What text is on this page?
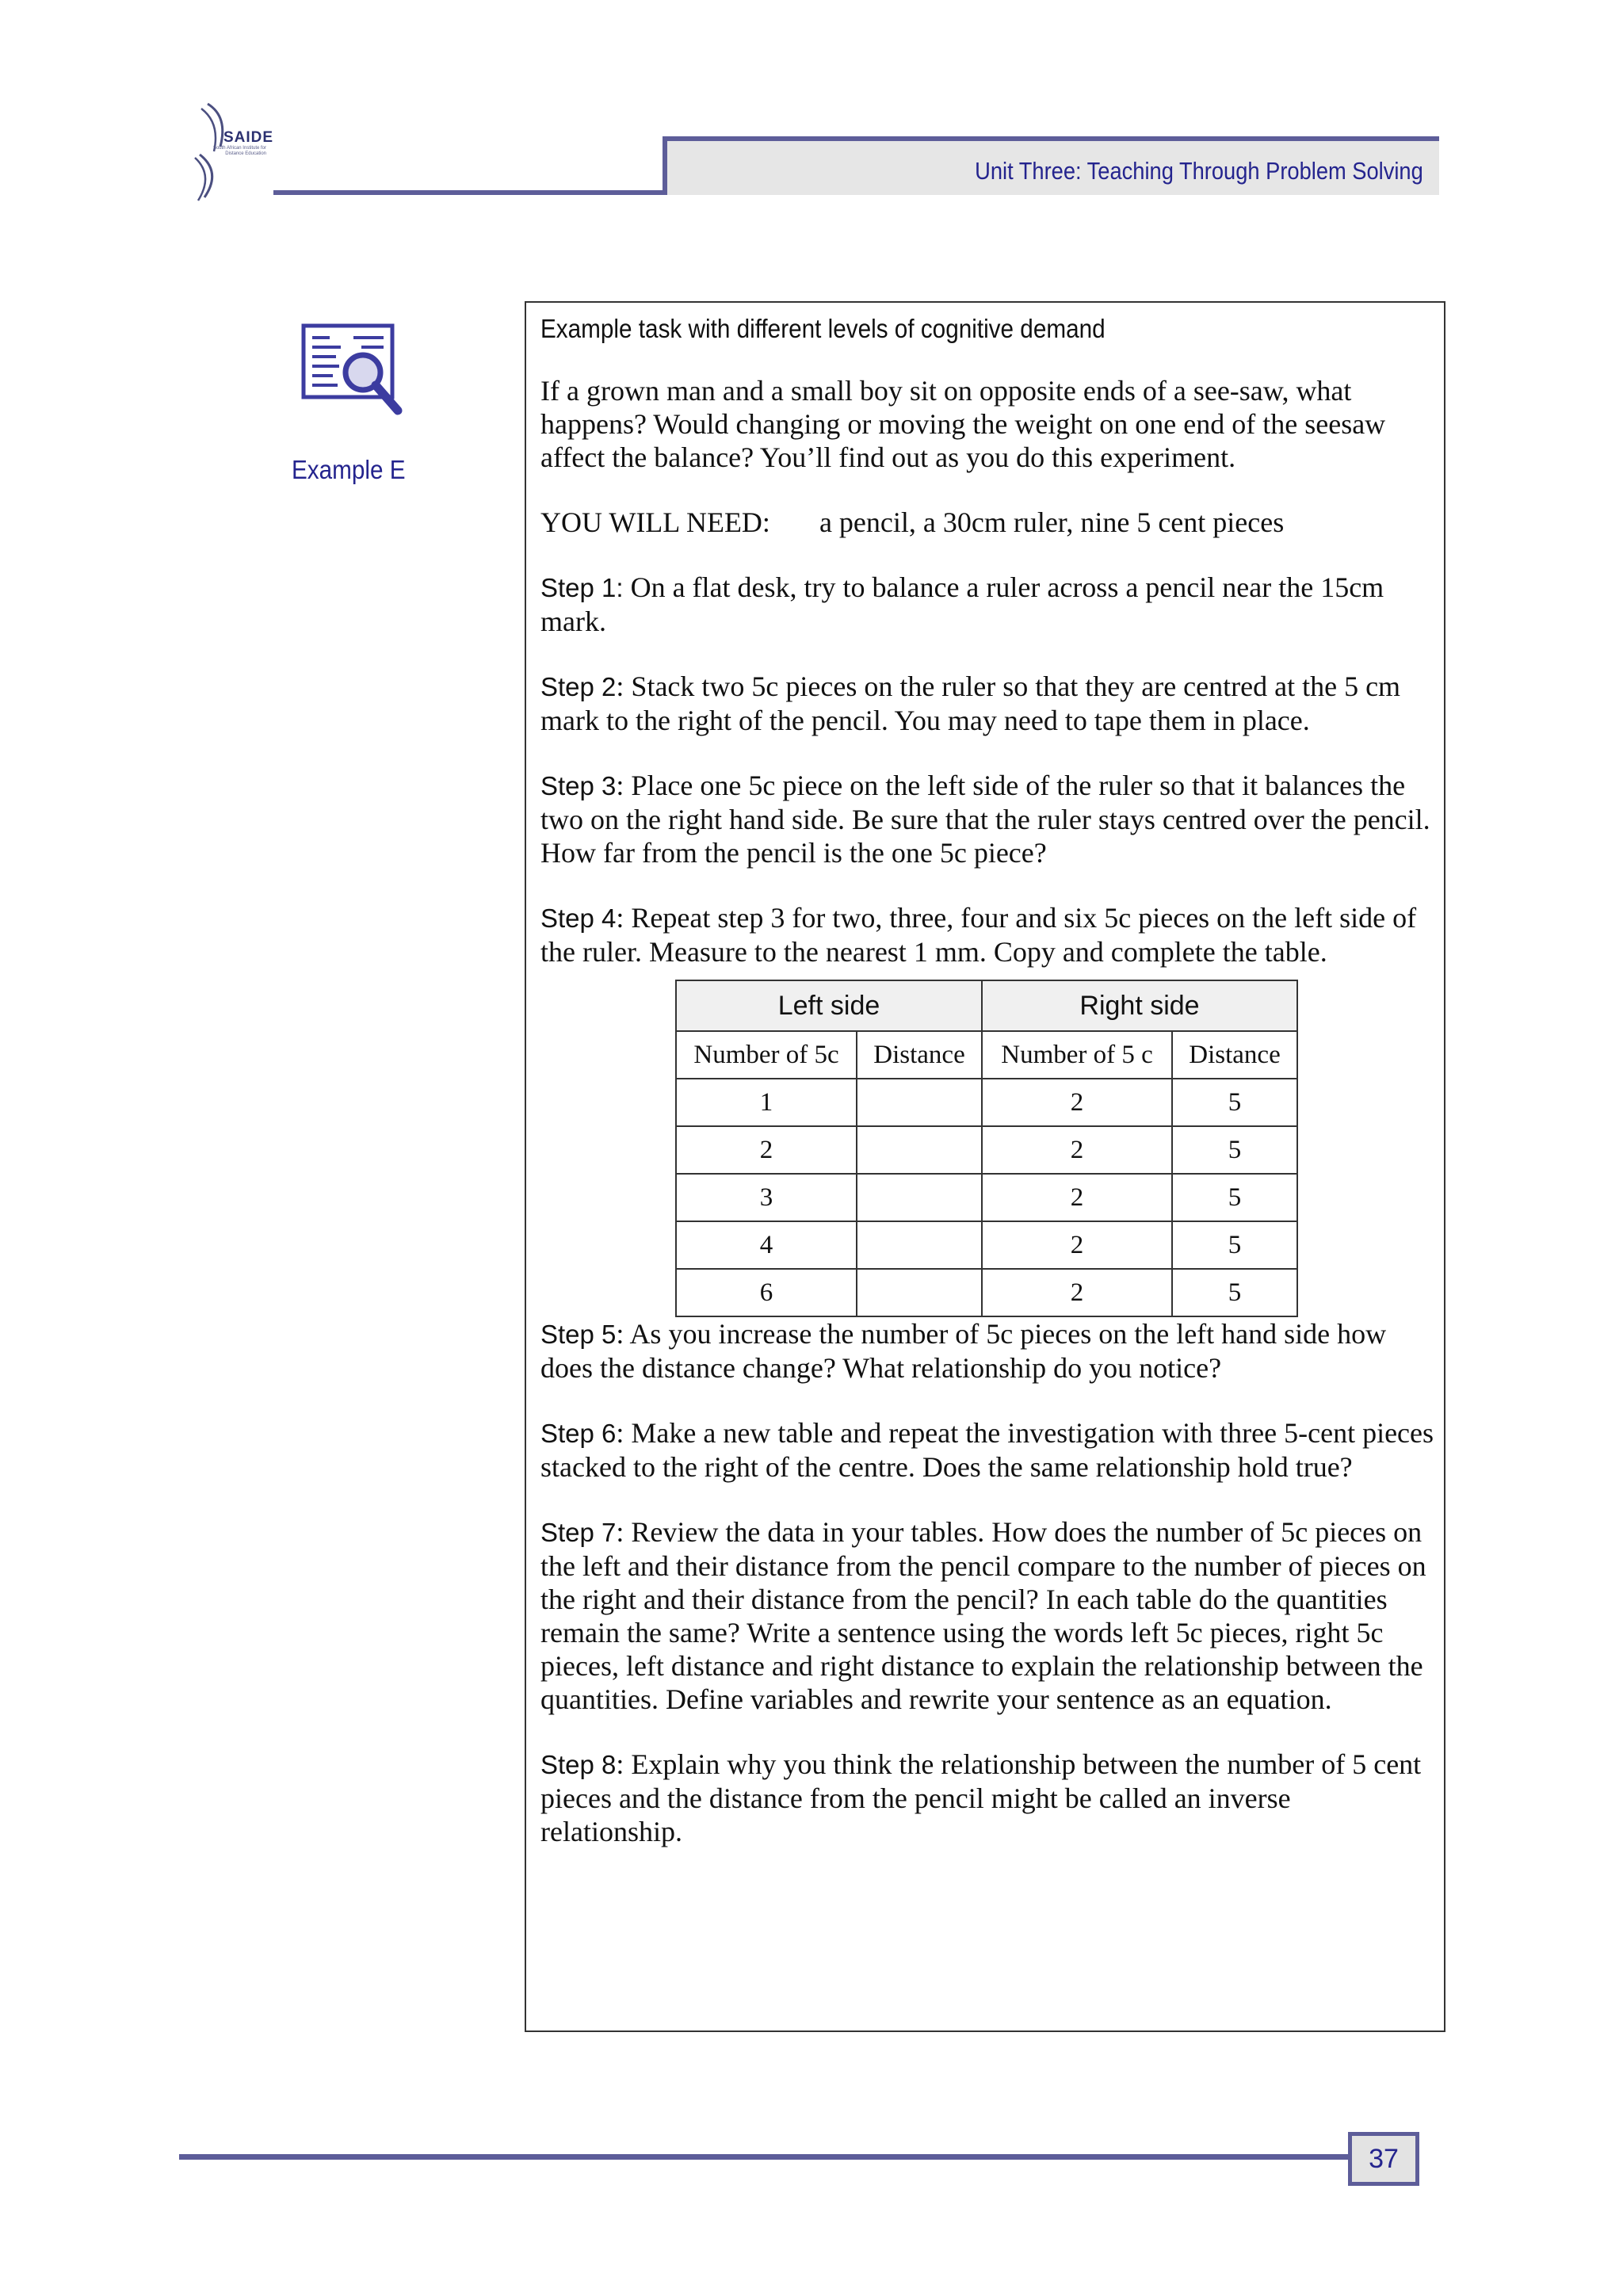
SAIDE
South African Institute for Distance Education
Unit Three: Teaching Through Problem Solving
Example E
Example task with different levels of cognitive demand

If a grown man and a small boy sit on opposite ends of a see-saw, what happens? Would changing or moving the weight on one end of the seesaw affect the balance? You’ll find out as you do this experiment.

YOU WILL NEED: a pencil, a 30cm ruler, nine 5 cent pieces

Step 1: On a flat desk, try to balance a ruler across a pencil near the 15cm mark.

Step 2: Stack two 5c pieces on the ruler so that they are centred at the 5 cm mark to the right of the pencil. You may need to tape them in place.

Step 3: Place one 5c piece on the left side of the ruler so that it balances the two on the right hand side. Be sure that the ruler stays centred over the pencil. How far from the pencil is the one 5c piece?

Step 4: Repeat step 3 for two, three, four and six 5c pieces on the left side of the ruler. Measure to the nearest 1 mm. Copy and complete the table.

Left side		Right side	
Number of 5c	Distance	Number of 5 c	Distance
1		2	5
2		2	5
3		2	5
4		2	5
6		2	5

Step 5: As you increase the number of 5c pieces on the left hand side how does the distance change? What relationship do you notice?

Step 6: Make a new table and repeat the investigation with three 5-cent pieces stacked to the right of the centre. Does the same relationship hold true?

Step 7: Review the data in your tables. How does the number of 5c pieces on the left and their distance from the pencil compare to the number of pieces on the right and their distance from the pencil? In each table do the quantities remain the same? Write a sentence using the words left 5c pieces, right 5c pieces, left distance and right distance to explain the relationship between the quantities. Define variables and rewrite your sentence as an equation.

Step 8: Explain why you think the relationship between the number of 5 cent pieces and the distance from the pencil might be called an inverse relationship.

37
